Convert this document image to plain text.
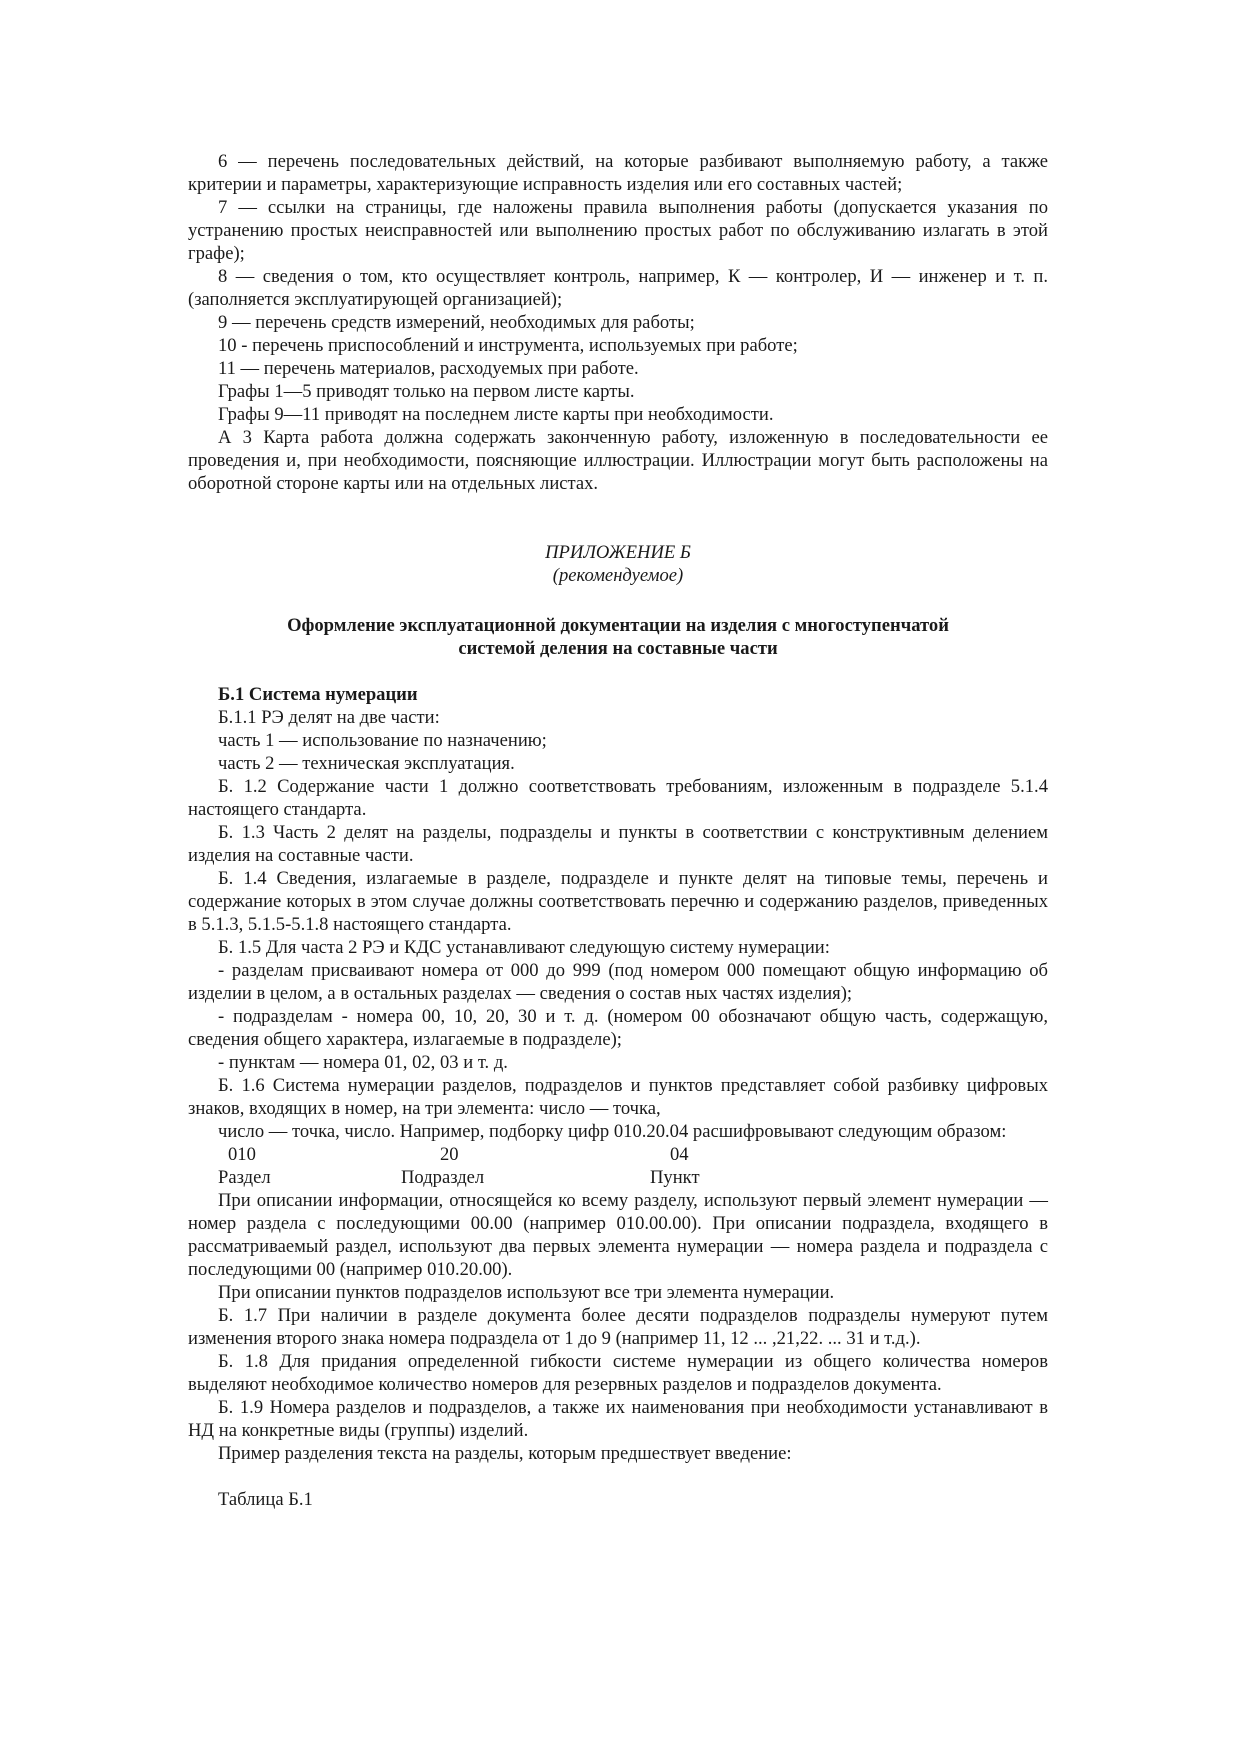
6 — перечень последовательных действий, на которые разбивают выполняемую работу, а также критерии и параметры, характеризующие исправность изделия или его составных частей;

7 — ссылки на страницы, где наложены правила выполнения работы (допускается указания по устранению простых неисправностей или выполнению простых работ по обслуживанию излагать в этой графе);

8 — сведения о том, кто осуществляет контроль, например, К — контролер, И — инженер и т. п. (заполняется эксплуатирующей организацией);

9 — перечень средств измерений, необходимых для работы;

10 - перечень приспособлений и инструмента, используемых при работе;

11 — перечень материалов, расходуемых при работе.

Графы 1—5 приводят только на первом листе карты.

Графы 9—11 приводят на последнем листе карты при необходимости.

А 3 Карта работа должна содержать законченную работу, изложенную в последовательности ее проведения и, при необходимости, поясняющие иллюстрации. Иллюстрации могут быть расположены на оборотной стороне карты или на отдельных листах.

ПРИЛОЖЕНИЕ Б

(рекомендуемое)

Оформление эксплуатационной документации на изделия с многоступенчатой
системой деления на составные части

Б.1 Система нумерации

Б.1.1 РЭ делят на две части:

часть 1 — использование по назначению;

часть 2 — техническая эксплуатация.

Б. 1.2 Содержание части 1 должно соответствовать требованиям, изложенным в подразделе 5.1.4 настоящего стандарта.

Б. 1.3 Часть 2 делят на разделы, подразделы и пункты в соответствии с конструктивным делением изделия на составные части.

Б. 1.4 Сведения, излагаемые в разделе, подразделе и пункте делят на типовые темы, перечень и содержание которых в этом случае должны соответствовать перечню и содержанию разделов, приведенных в 5.1.3, 5.1.5-5.1.8 настоящего стандарта.

Б. 1.5 Для часта 2 РЭ и КДС устанавливают следующую систему нумерации:

- разделам присваивают номера от 000 до 999 (под номером 000 помещают общую информацию об изделии в целом, а в остальных разделах — сведения о состав ных частях изделия);

- подразделам - номера 00, 10, 20, 30 и т. д. (номером 00 обозначают общую часть, содержащую, сведения общего характера, излагаемые в подразделе);

- пунктам — номера 01, 02, 03 и т. д.

Б. 1.6 Система нумерации разделов, подразделов и пунктов представляет собой разбивку цифровых знаков, входящих в номер, на три элемента: число — точка,

число — точка, число. Например, подборку цифр 010.20.04 расшифровывают следующим образом:

010	20	04
Раздел	Подраздел	Пункт

При описании информации, относящейся ко всему разделу, используют первый элемент нумерации — номер раздела с последующими 00.00 (например 010.00.00). При описании подраздела, входящего в рассматриваемый раздел, используют два первых элемента нумерации — номера раздела и подраздела с последующими 00 (например 010.20.00).

При описании пунктов подразделов используют все три элемента нумерации.

Б. 1.7 При наличии в разделе документа более десяти подразделов подразделы нумеруют путем изменения второго знака номера подраздела от 1 до 9 (например 11, 12 ... ,21,22. ... 31 и т.д.).

Б. 1.8 Для придания определенной гибкости системе нумерации из общего количества номеров выделяют необходимое количество номеров для резервных разделов и подразделов документа.

Б. 1.9 Номера разделов и подразделов, а также их наименования при необходимости устанавливают в НД на конкретные виды (группы) изделий.

Пример разделения текста на разделы, которым предшествует введение:

Таблица Б.1
